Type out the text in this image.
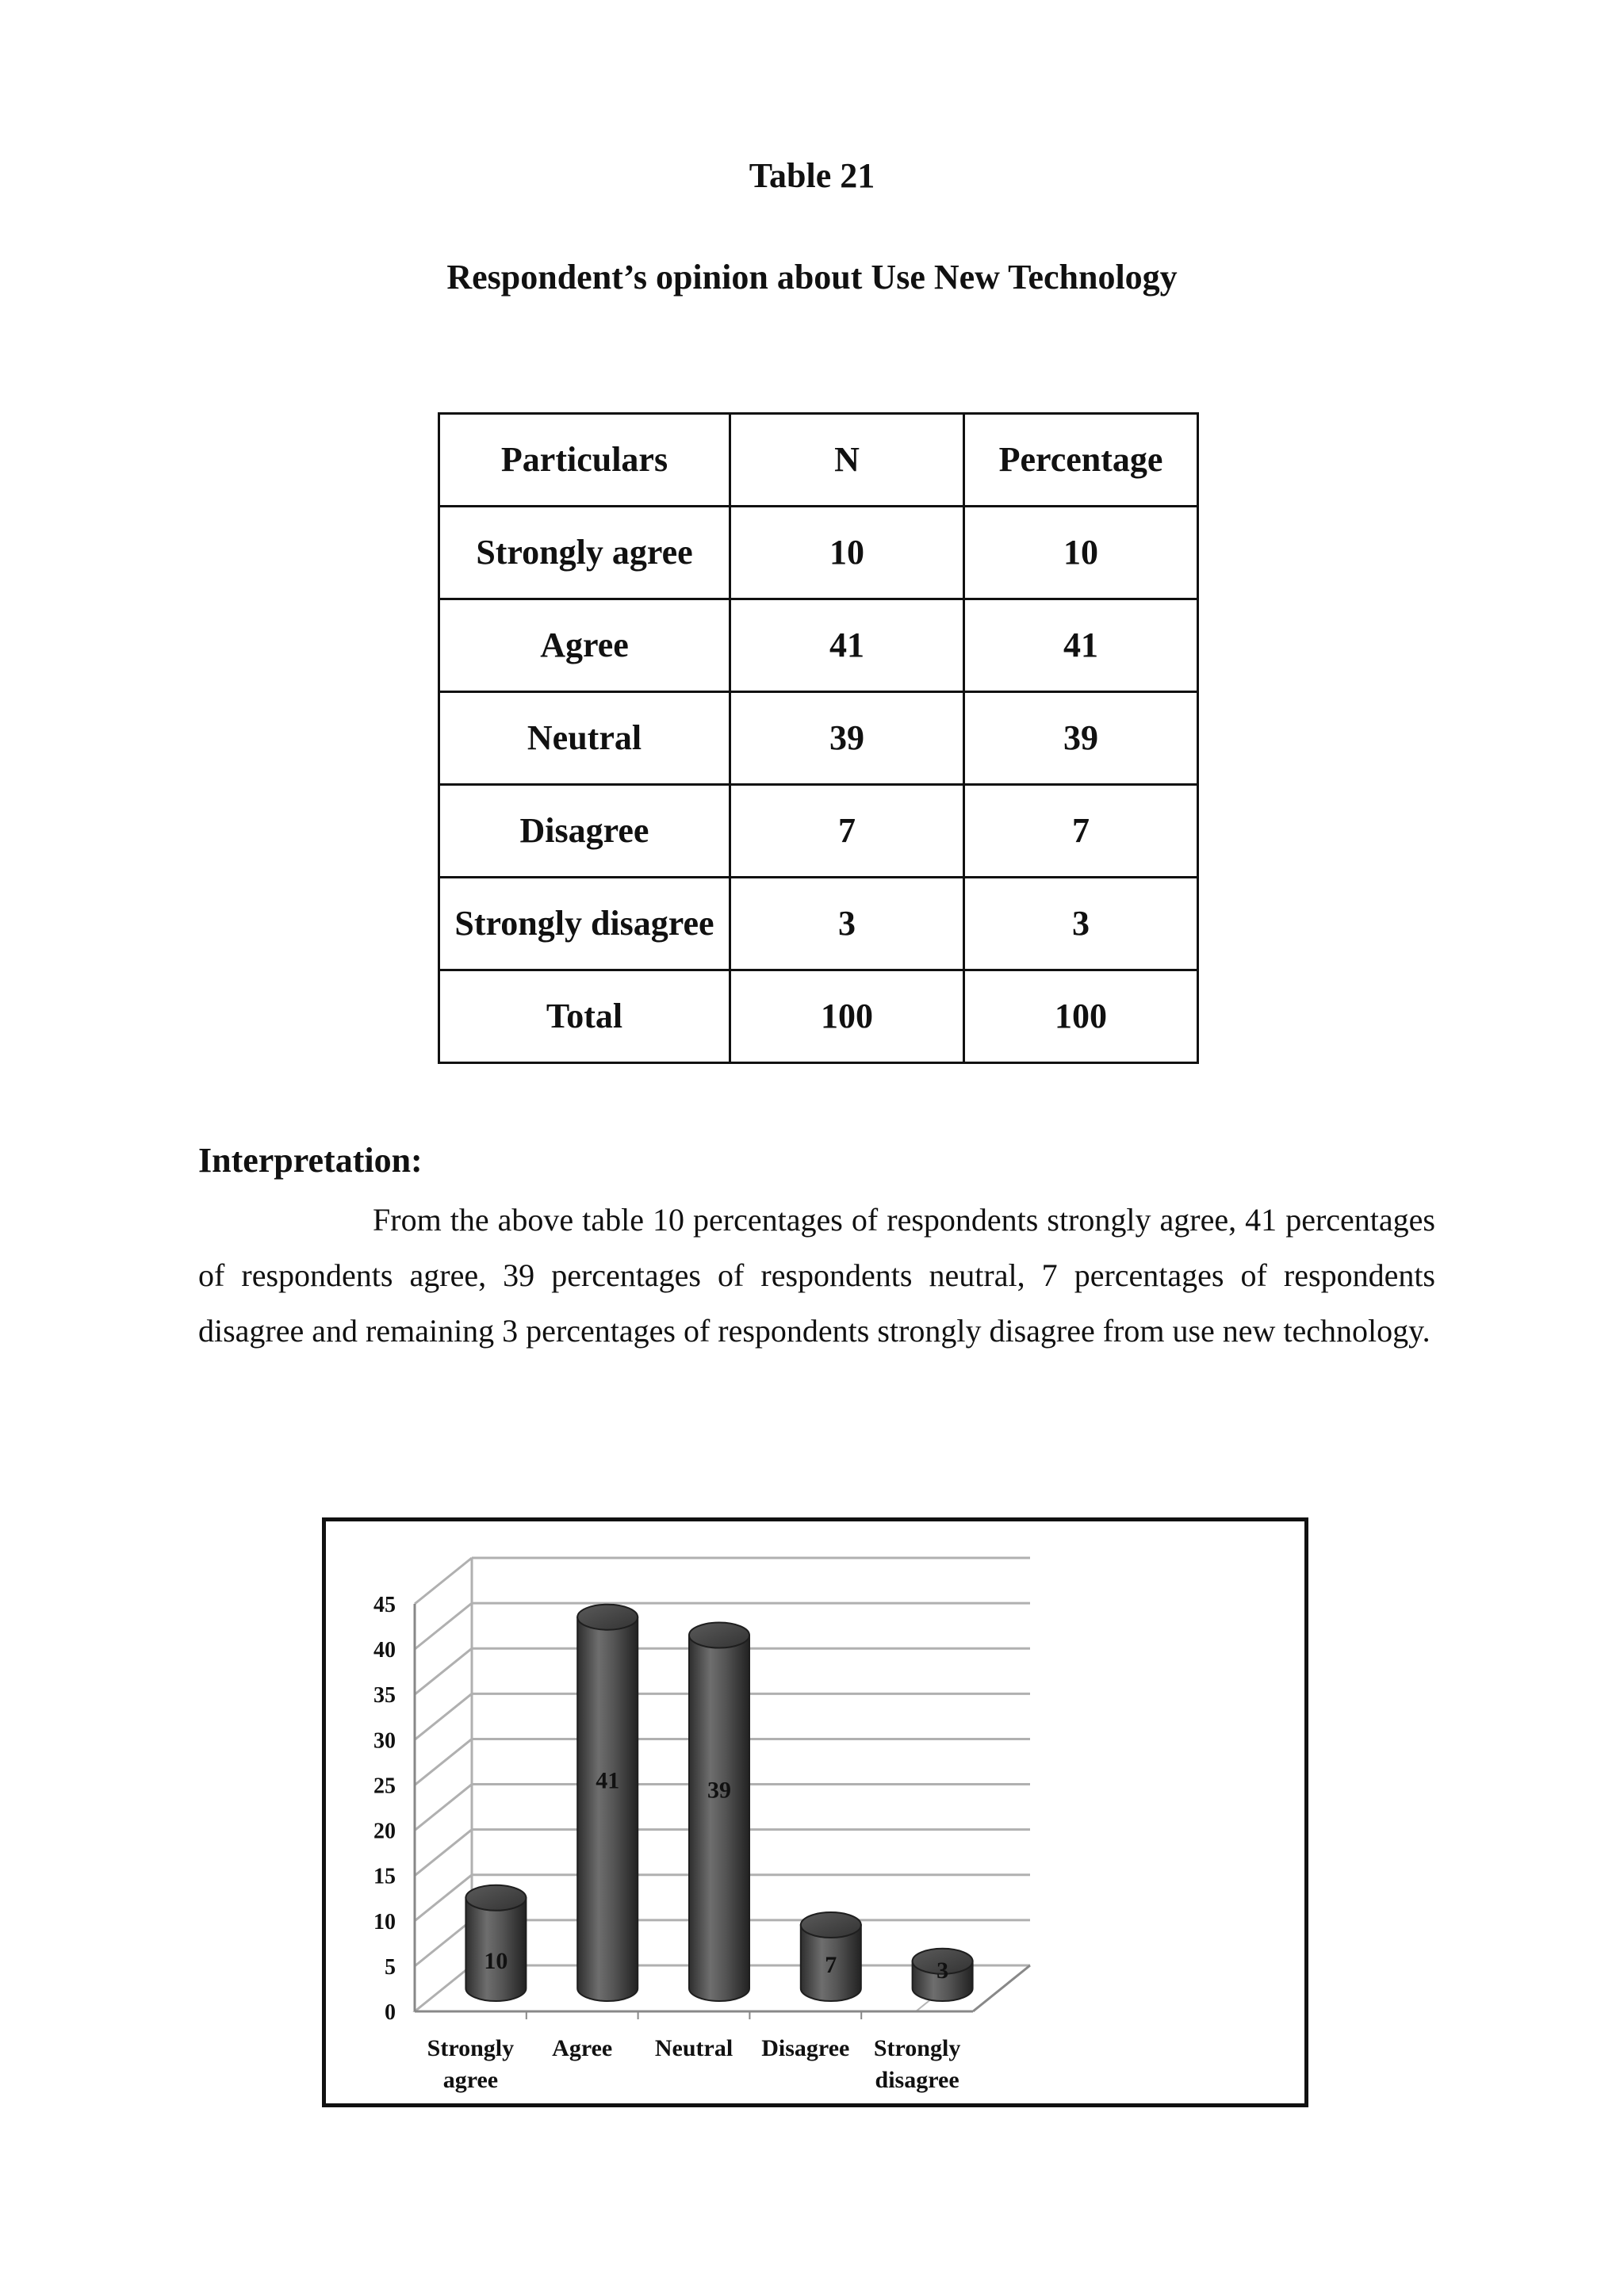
Table 21
Respondent’s opinion about Use New Technology
Particulars	N	Percentage
Strongly agree	10	10
Agree	41	41
Neutral	39	39
Disagree	7	7
Strongly disagree	3	3
Total	100	100
Interpretation:

From the above table 10 percentages of respondents strongly agree, 41 percentages of respondents agree, 39 percentages of respondents neutral, 7 percentages of respondents disagree and remaining 3 percentages of respondents strongly disagree from use new technology.

0
5
10
15
20
25
30
35
40
45
10
41	39
7	3
Strongly agree
Agree Neutral Disagree Strongly disagree
